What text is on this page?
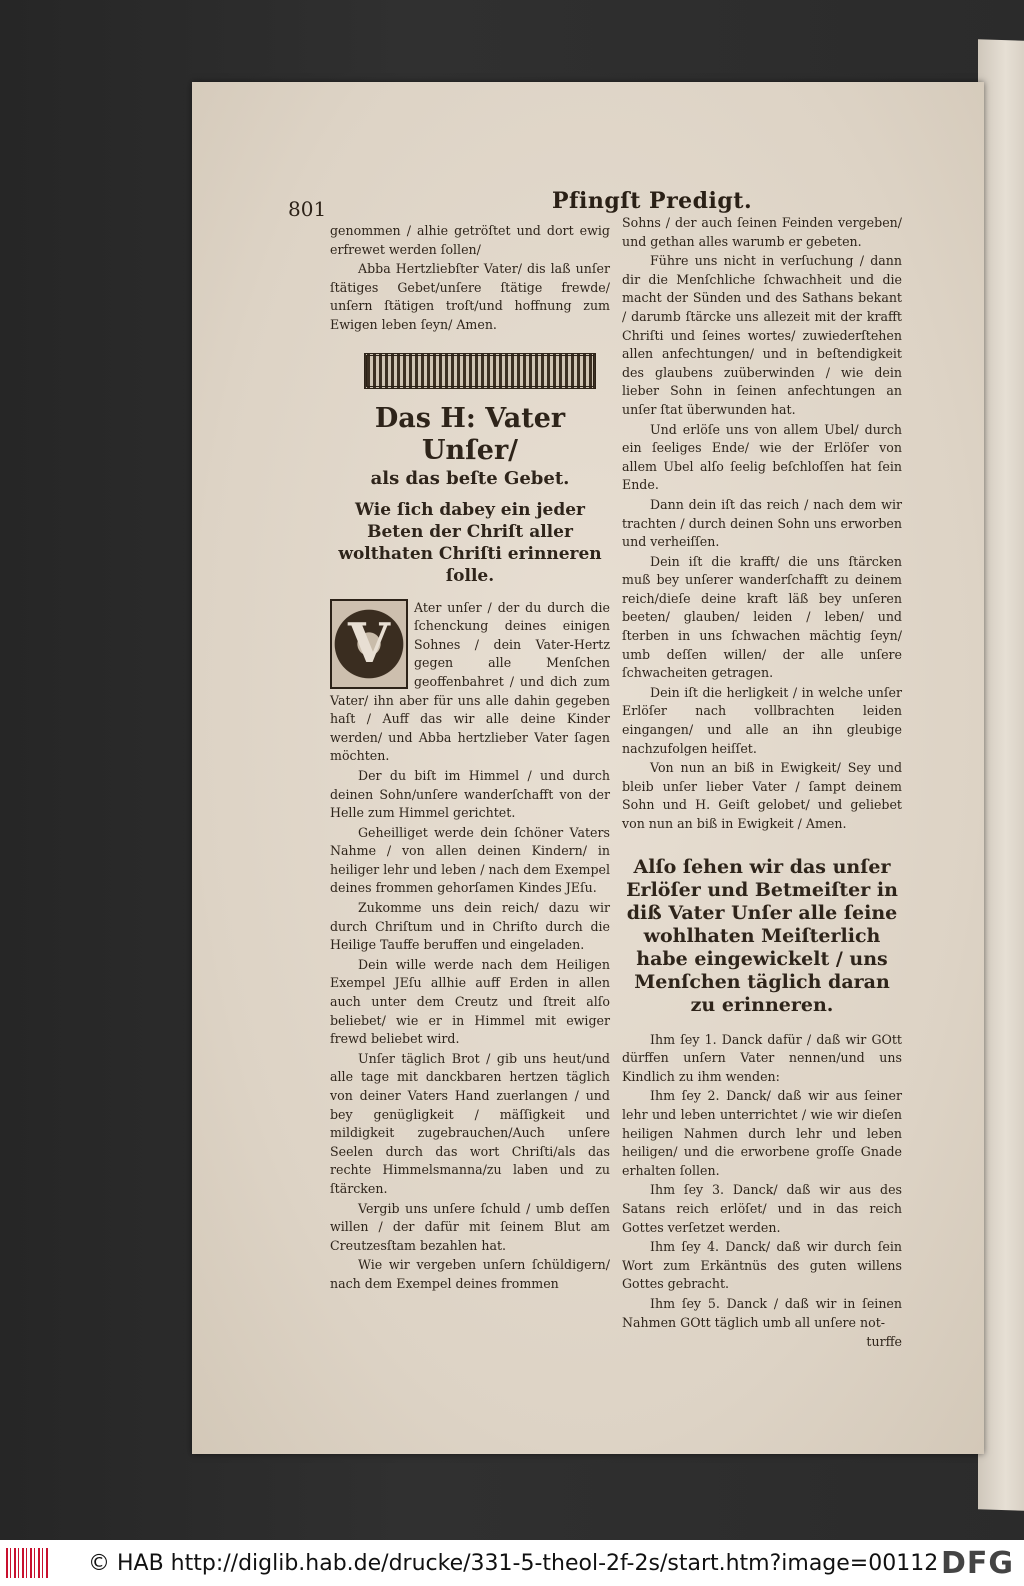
801	Pfingſt Predigt.

genommen / alhie getröſtet und dort ewig erfrewet werden ſollen/

Abba Hertzliebſter Vater/ dis laß unſer ſtätiges Gebet/unſere ſtätige frewde/ unſern ſtätigen troſt/und hoffnung zum Ewigen leben ſeyn/ Amen.

Das H: Vater Unſer/
als das beſte Gebet.
Wie ſich dabey ein jeder Beten der Chriſt aller wolthaten Chriſti erinneren ſolle.
V

Ater unſer / der du durch die ſchenckung deines einigen Sohnes / dein Vater-Hertz gegen alle Menſchen geoffenbahret / und dich zum Vater/ ihn aber für uns alle dahin gegeben haſt / Auff das wir alle deine Kinder werden/ und Abba hertzlieber Vater ſagen möchten.

Der du biſt im Himmel / und durch deinen Sohn/unſere wanderſchafft von der Helle zum Himmel gerichtet.

Geheilliget werde dein ſchöner Vaters Nahme / von allen deinen Kindern/ in heiliger lehr und leben / nach dem Exempel deines frommen gehorſamen Kindes JEſu.

Zukomme uns dein reich/ dazu wir durch Chriſtum und in Chriſto durch die Heilige Tauffe beruffen und eingeladen.

Dein wille werde nach dem Heiligen Exempel JEſu allhie auff Erden in allen auch unter dem Creutz und ſtreit alſo beliebet/ wie er in Himmel mit ewiger frewd beliebet wird.

Unſer täglich Brot / gib uns heut/und alle tage mit danckbaren hertzen täglich von deiner Vaters Hand zuerlangen / und bey genügligkeit / mäſſigkeit und mildigkeit zugebrauchen/Auch unſere Seelen durch das wort Chriſti/als das rechte Himmelsmanna/zu laben und zu ſtärcken.

Vergib uns unſere ſchuld / umb deſſen willen / der dafür mit ſeinem Blut am Creutzesſtam bezahlen hat.

Wie wir vergeben unſern ſchüldigern/ nach dem Exempel deines frommen

Sohns / der auch ſeinen Feinden vergeben/ und gethan alles warumb er gebeten.

Führe uns nicht in verſuchung / dann dir die Menſchliche ſchwachheit und die macht der Sünden und des Sathans bekant / darumb ſtärcke uns allezeit mit der krafft Chriſti und ſeines wortes/ zuwiederſtehen allen anfechtungen/ und in beſtendigkeit des glaubens zuüberwinden / wie dein lieber Sohn in ſeinen anfechtungen an unſer ſtat überwunden hat.

Und erlöſe uns von allem Ubel/ durch ein ſeeliges Ende/ wie der Erlöſer von allem Ubel alſo ſeelig beſchloſſen hat ſein Ende.

Dann dein iſt das reich / nach dem wir trachten / durch deinen Sohn uns erworben und verheiſſen.

Dein iſt die krafft/ die uns ſtärcken muß bey unſerer wanderſchafft zu deinem reich/dieſe deine kraft läß bey unſeren beeten/ glauben/ leiden / leben/ und ſterben in uns ſchwachen mächtig ſeyn/ umb deſſen willen/ der alle unſere ſchwacheiten getragen.

Dein iſt die herligkeit / in welche unſer Erlöſer nach vollbrachten leiden eingangen/ und alle an ihn gleubige nachzufolgen heiſſet.

Von nun an biß in Ewigkeit/ Sey und bleib unſer lieber Vater / ſampt deinem Sohn und H. Geiſt gelobet/ und geliebet von nun an biß in Ewigkeit / Amen.

Alſo ſehen wir das unſer Erlöſer und Betmeiſter in diß Vater Unſer alle ſeine wohlhaten Meiſterlich habe eingewickelt / uns Menſchen täglich daran zu erinneren.

Ihm ſey 1. Danck dafür / daß wir GOtt dürffen unſern Vater nennen/und uns Kindlich zu ihm wenden:

Ihm ſey 2. Danck/ daß wir aus ſeiner lehr und leben unterrichtet / wie wir dieſen heiligen Nahmen durch lehr und leben heiligen/ und die erworbene groſſe Gnade erhalten ſollen.

Ihm ſey 3. Danck/ daß wir aus des Satans reich erlöſet/ und in das reich Gottes verſetzet werden.

Ihm ſey 4. Danck/ daß wir durch ſein Wort zum Erkäntnüs des guten willens Gottes gebracht.

Ihm ſey 5. Danck / daß wir in ſeinen Nahmen GOtt täglich umb all unſere not-

turffe

© HAB http://diglib.hab.de/drucke/331-5-theol-2f-2s/start.htm?image=00112 DFG
